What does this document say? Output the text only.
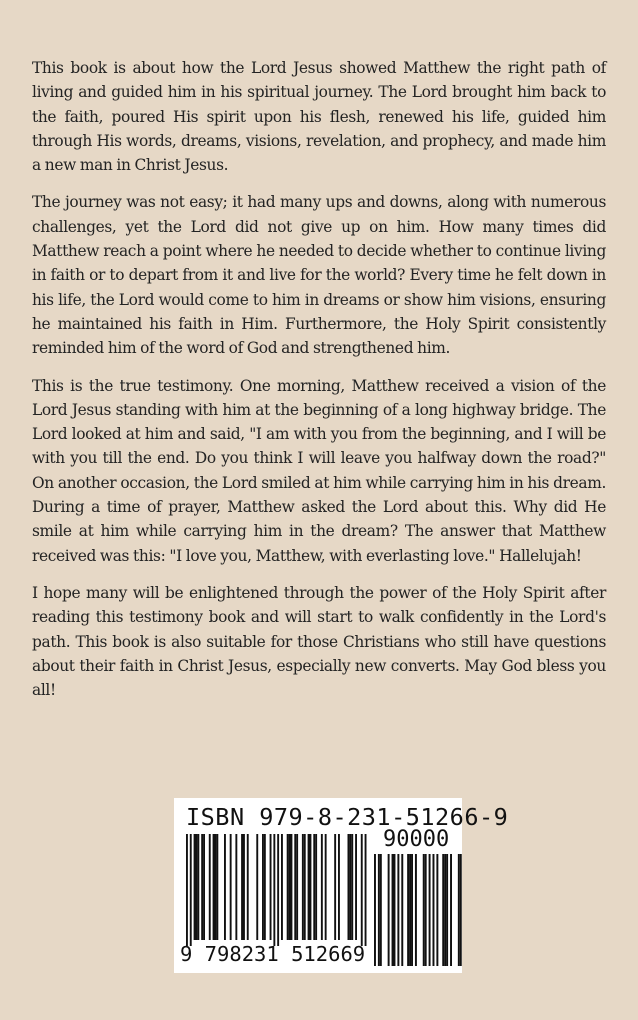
This book is about how the Lord Jesus showed Matthew the right path of living and guided him in his spiritual journey. The Lord brought him back to the faith, poured His spirit upon his flesh, renewed his life, guided him through His words, dreams, visions, revelation, and prophecy, and made him a new man in Christ Jesus.

The journey was not easy; it had many ups and downs, along with numerous challenges, yet the Lord did not give up on him. How many times did Matthew reach a point where he needed to decide whether to continue living in faith or to depart from it and live for the world? Every time he felt down in his life, the Lord would come to him in dreams or show him visions, ensuring he maintained his faith in Him. Furthermore, the Holy Spirit consistently reminded him of the word of God and strengthened him.

This is the true testimony. One morning, Matthew received a vision of the Lord Jesus standing with him at the beginning of a long highway bridge. The Lord looked at him and said, "I am with you from the beginning, and I will be with you till the end. Do you think I will leave you halfway down the road?" On another occasion, the Lord smiled at him while carrying him in his dream. During a time of prayer, Matthew asked the Lord about this. Why did He smile at him while carrying him in the dream? The answer that Matthew received was this: "I love you, Matthew, with everlasting love." Hallelujah!

I hope many will be enlightened through the power of the Holy Spirit after reading this testimony book and will start to walk confidently in the Lord's path. This book is also suitable for those Christians who still have questions about their faith in Christ Jesus, especially new converts. May God bless you all!

ISBN 979-8-231-51266-9
90000
9 798231 512669
